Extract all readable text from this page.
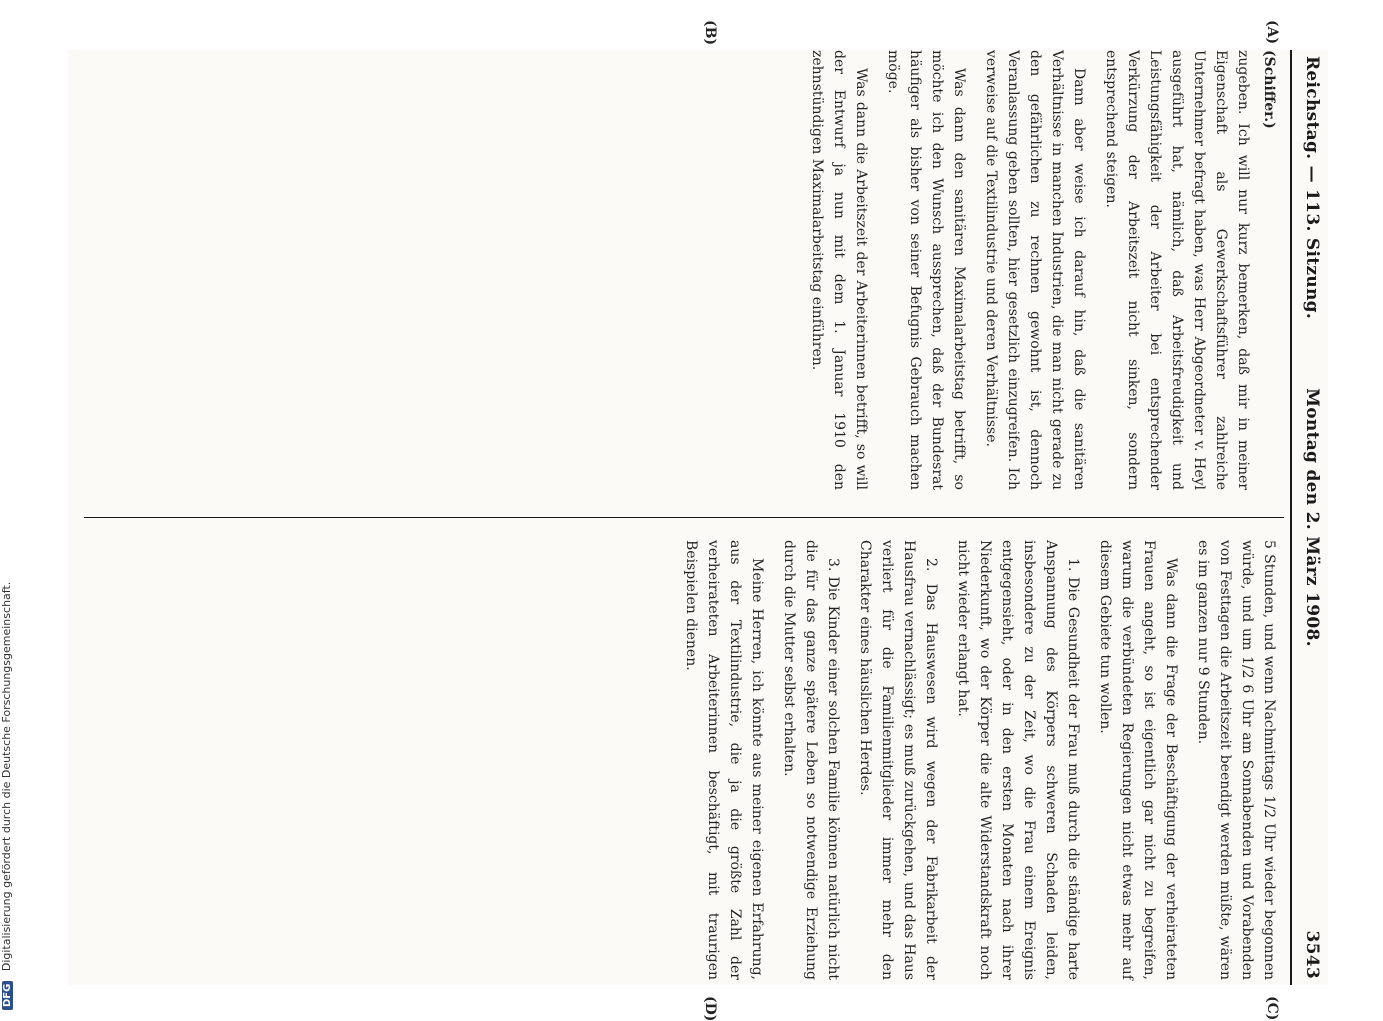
Reichstag. — 113. Sitzung.
Montag den 2. März 1908.
3543
(A)
(B)
(C)
(D)
(Schiffer.)

zugeben. Ich will nur kurz bemerken, daß mir in meiner Eigenschaft als Gewerkschaftsführer zahlreiche Unternehmer befragt haben, was Herr Abgeordneter v. Heyl ausgeführt hat, nämlich, daß Arbeitsfreudigkeit und Leistungsfähigkeit der Arbeiter bei entsprechender Verkürzung der Arbeitszeit nicht sinken, sondern entsprechend steigen.

Dann aber weise ich darauf hin, daß die sanitären Verhältnisse in manchen Industrien, die man nicht gerade zu den gefährlichen zu rechnen gewohnt ist, dennoch Veranlassung geben sollten, hier gesetzlich einzugreifen. Ich verweise auf die Textilindustrie und deren Verhältnisse.

Was dann den sanitären Maximalarbeitstag betrifft, so möchte ich den Wunsch aussprechen, daß der Bundesrat häufiger als bisher von seiner Befugnis Gebrauch machen möge.

Was dann die Arbeitszeit der Arbeiterinnen betrifft, so will der Entwurf ja nun mit dem 1. Januar 1910 den zehnstündigen Maximalarbeitstag einführen.

5 Stunden, und wenn Nachmittags 1/2 Uhr wieder begonnen würde, und um 1/2 6 Uhr am Sonnabenden und Vorabenden von Festtagen die Arbeitszeit beendigt werden müßte, wären es im ganzen nur 9 Stunden.

Was dann die Frage der Beschäftigung der verheirateten Frauen angeht, so ist eigentlich gar nicht zu begreifen, warum die verbündeten Regierungen nicht etwas mehr auf diesem Gebiete tun wollen.

1. Die Gesundheit der Frau muß durch die ständige harte Anspannung des Körpers schweren Schaden leiden, insbesondere zu der Zeit, wo die Frau einem Ereignis entgegensieht, oder in den ersten Monaten nach ihrer Niederkunft, wo der Körper die alte Widerstandskraft noch nicht wieder erlangt hat.

2. Das Hauswesen wird wegen der Fabrikarbeit der Hausfrau vernachlässigt; es muß zurückgehen, und das Haus verliert für die Familienmitglieder immer mehr den Charakter eines häuslichen Herdes.

3. Die Kinder einer solchen Familie können natürlich nicht die für das ganze spätere Leben so notwendige Erziehung durch die Mutter selbst erhalten.

Meine Herren, ich könnte aus meiner eigenen Erfahrung, aus der Textilindustrie, die ja die größte Zahl der verheirateten Arbeiterinnen beschäftigt, mit traurigen Beispielen dienen.

DFG Digitalisierung gefördert durch die Deutsche Forschungsgemeinschaft.
